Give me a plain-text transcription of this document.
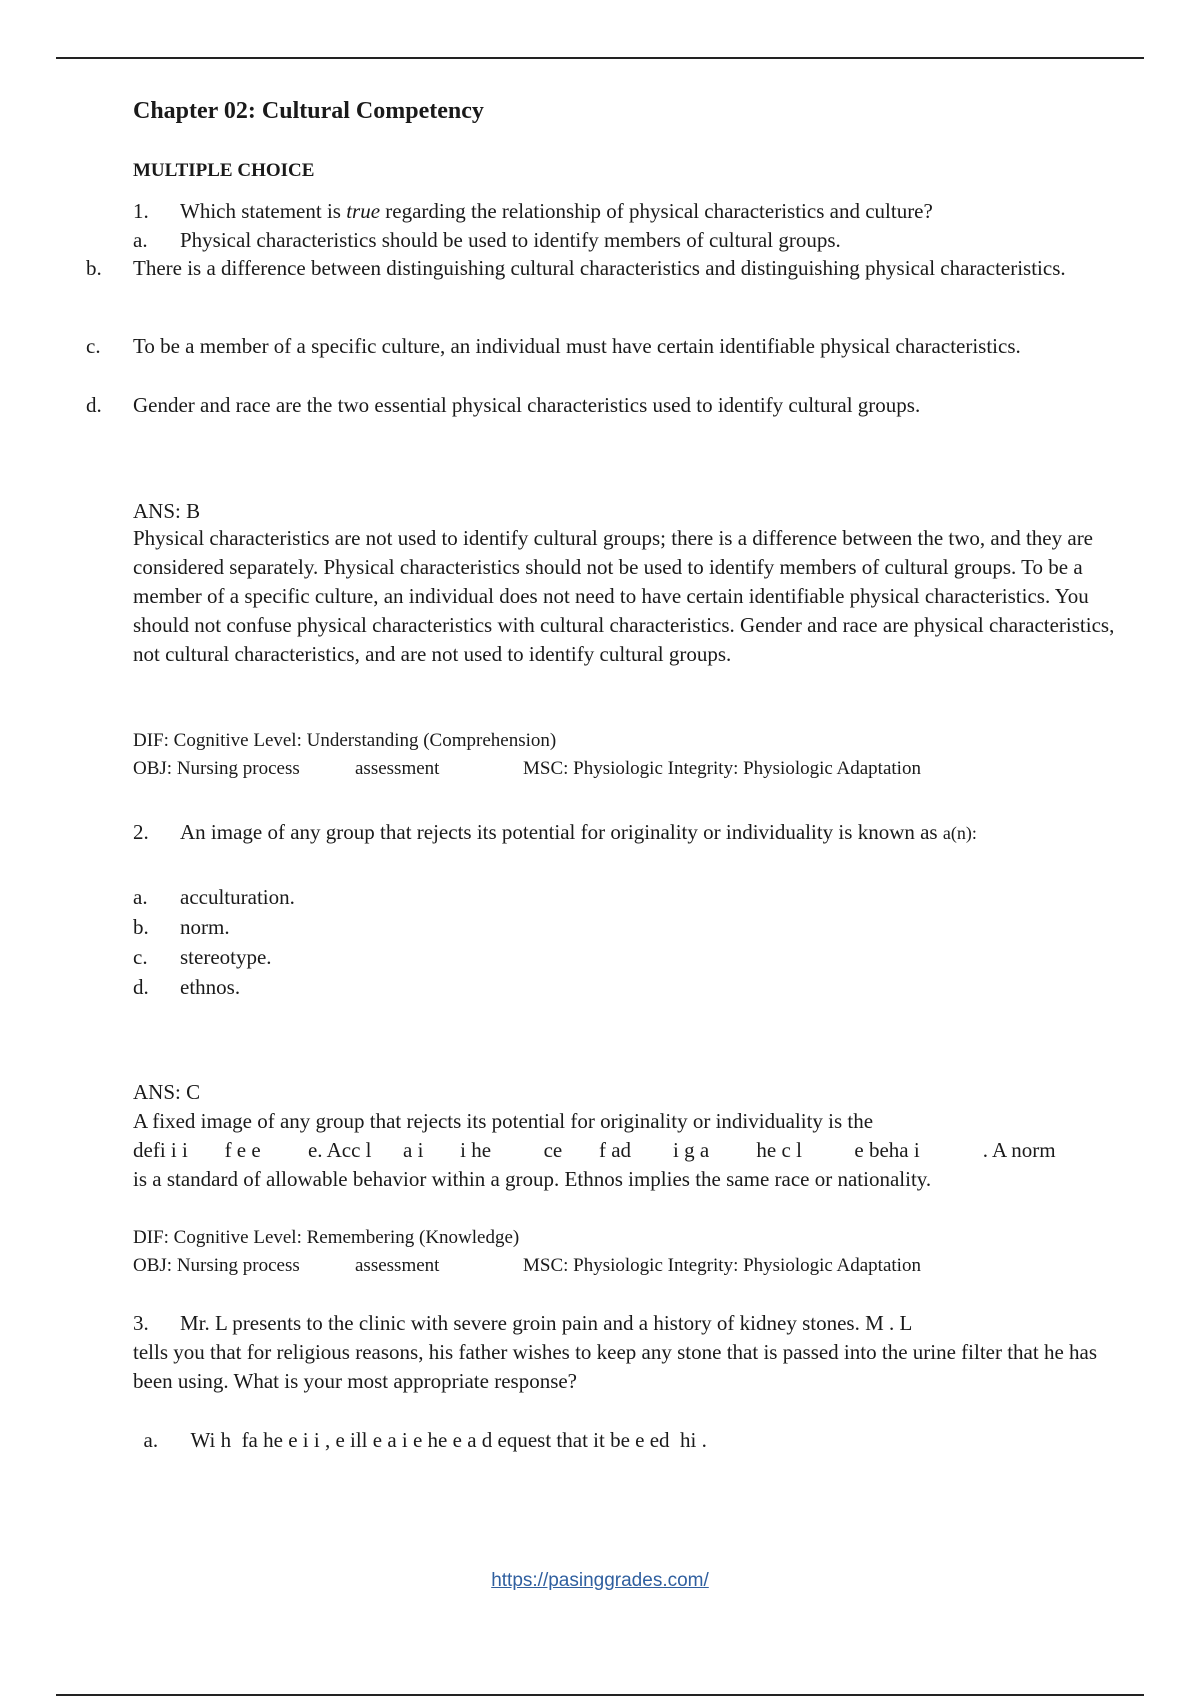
Chapter 02: Cultural Competency
MULTIPLE CHOICE
1. Which statement is true regarding the relationship of physical characteristics and culture?
a. Physical characteristics should be used to identify members of cultural groups.
b. There is a difference between distinguishing cultural characteristics and distinguishing physical characteristics.
c. To be a member of a specific culture, an individual must have certain identifiable physical characteristics.
d. Gender and race are the two essential physical characteristics used to identify cultural groups.
ANS: B
Physical characteristics are not used to identify cultural groups; there is a difference between the two, and they are considered separately. Physical characteristics should not be used to identify members of cultural groups. To be a member of a specific culture, an individual does not need to have certain identifiable physical characteristics. You should not confuse physical characteristics with cultural characteristics. Gender and race are physical characteristics, not cultural characteristics, and are not used to identify cultural groups.
DIF: Cognitive Level: Understanding (Comprehension)
OBJ: Nursing process	assessment	MSC: Physiologic Integrity: Physiologic Adaptation
2. An image of any group that rejects its potential for originality or individuality is known as a(n):
a. acculturation.
b. norm.
c. stereotype.
d. ethnos.
ANS: C
A fixed image of any group that rejects its potential for originality or individuality is the
defi i i       f e e         e. Acc l      a i       i he          ce       f ad        i g a         he c l          e beha i            . A norm
is a standard of allowable behavior within a group. Ethnos implies the same race or nationality.
DIF: Cognitive Level: Remembering (Knowledge)
OBJ: Nursing process	assessment	MSC: Physiologic Integrity: Physiologic Adaptation
3. Mr. L presents to the clinic with severe groin pain and a history of kidney stones. M . L
tells you that for religious reasons, his father wishes to keep any stone that is passed into the urine filter that he has been using. What is your most appropriate response?

a. Wi h  fa he e i i , e ill e a i e he e a d equest that it be e ed  hi .

https://pasinggrades.com/
